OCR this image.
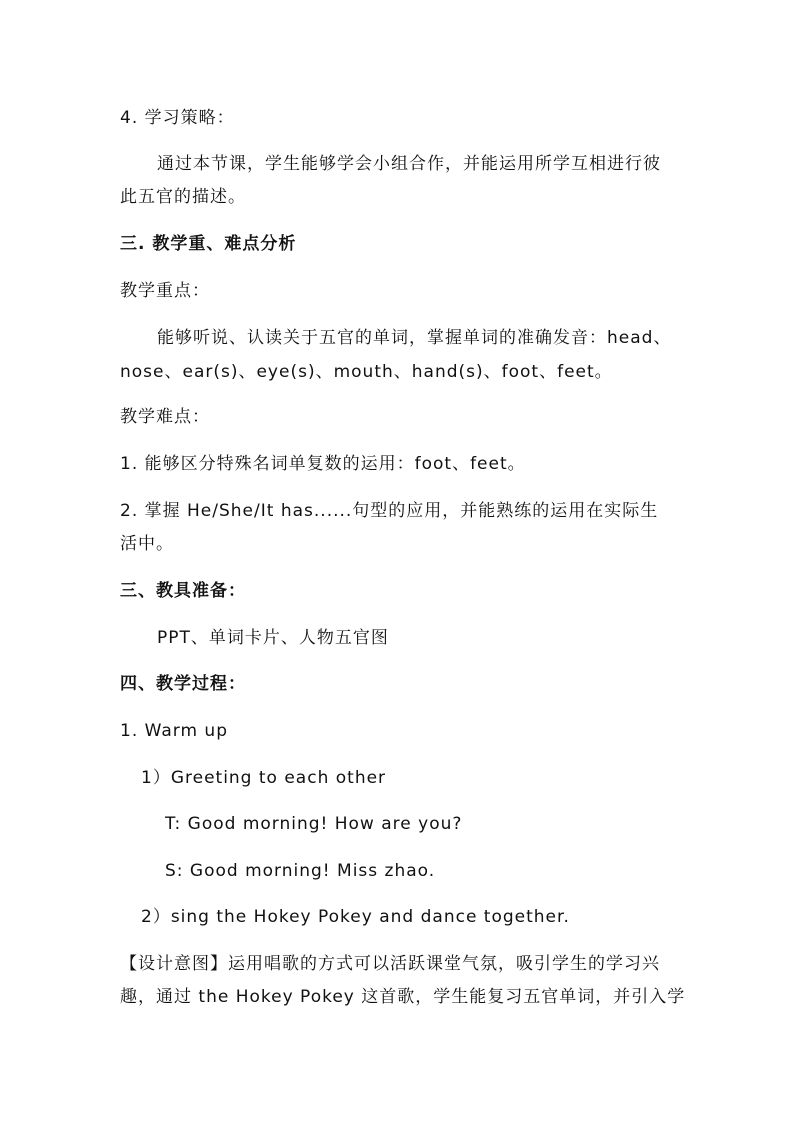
4. 学习策略：
通过本节课，学生能够学会小组合作，并能运用所学互相进行彼
此五官的描述。
三. 教学重、难点分析
教学重点：
能够听说、认读关于五官的单词，掌握单词的准确发音：head、
nose、ear(s)、eye(s)、mouth、hand(s)、foot、feet。
教学难点：
1. 能够区分特殊名词单复数的运用：foot、feet。
2. 掌握 He/She/It has......句型的应用，并能熟练的运用在实际生
活中。
三、教具准备：
PPT、单词卡片、人物五官图
四、教学过程：
1. Warm up
1）Greeting to each other
T: Good morning! How are you?
S: Good morning! Miss zhao.
2）sing the Hokey Pokey and dance together.
【设计意图】运用唱歌的方式可以活跃课堂气氛，吸引学生的学习兴
趣，通过 the Hokey Pokey 这首歌，学生能复习五官单词，并引入学
